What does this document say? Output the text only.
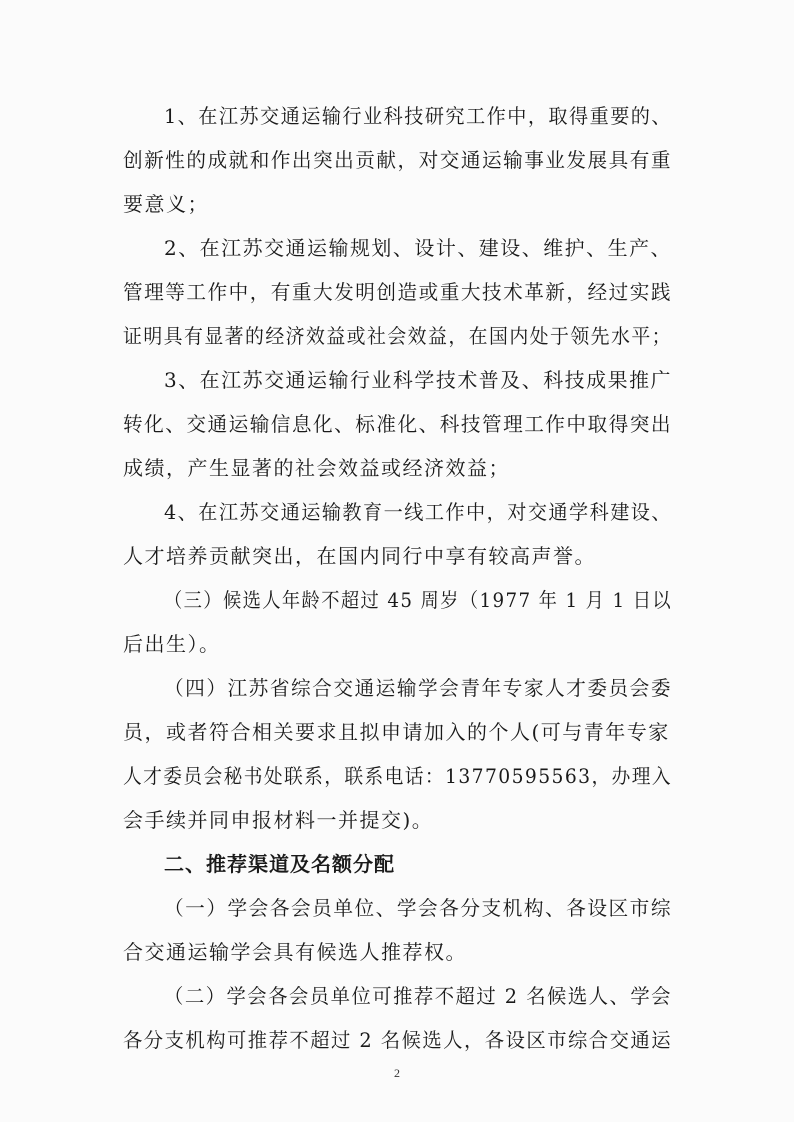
1、在江苏交通运输行业科技研究工作中，取得重要的、
创新性的成就和作出突出贡献，对交通运输事业发展具有重
要意义；
2、在江苏交通运输规划、设计、建设、维护、生产、
管理等工作中，有重大发明创造或重大技术革新，经过实践
证明具有显著的经济效益或社会效益，在国内处于领先水平；
3、在江苏交通运输行业科学技术普及、科技成果推广
转化、交通运输信息化、标准化、科技管理工作中取得突出
成绩，产生显著的社会效益或经济效益；
4、在江苏交通运输教育一线工作中，对交通学科建设、
人才培养贡献突出，在国内同行中享有较高声誉。
（三）候选人年龄不超过 45 周岁（1977 年 1 月 1 日以
后出生）。
（四）江苏省综合交通运输学会青年专家人才委员会委
员，或者符合相关要求且拟申请加入的个人(可与青年专家
人才委员会秘书处联系，联系电话：13770595563，办理入
会手续并同申报材料一并提交)。
二、推荐渠道及名额分配
（一）学会各会员单位、学会各分支机构、各设区市综
合交通运输学会具有候选人推荐权。
（二）学会各会员单位可推荐不超过 2 名候选人、学会
各分支机构可推荐不超过 2 名候选人，各设区市综合交通运
2
